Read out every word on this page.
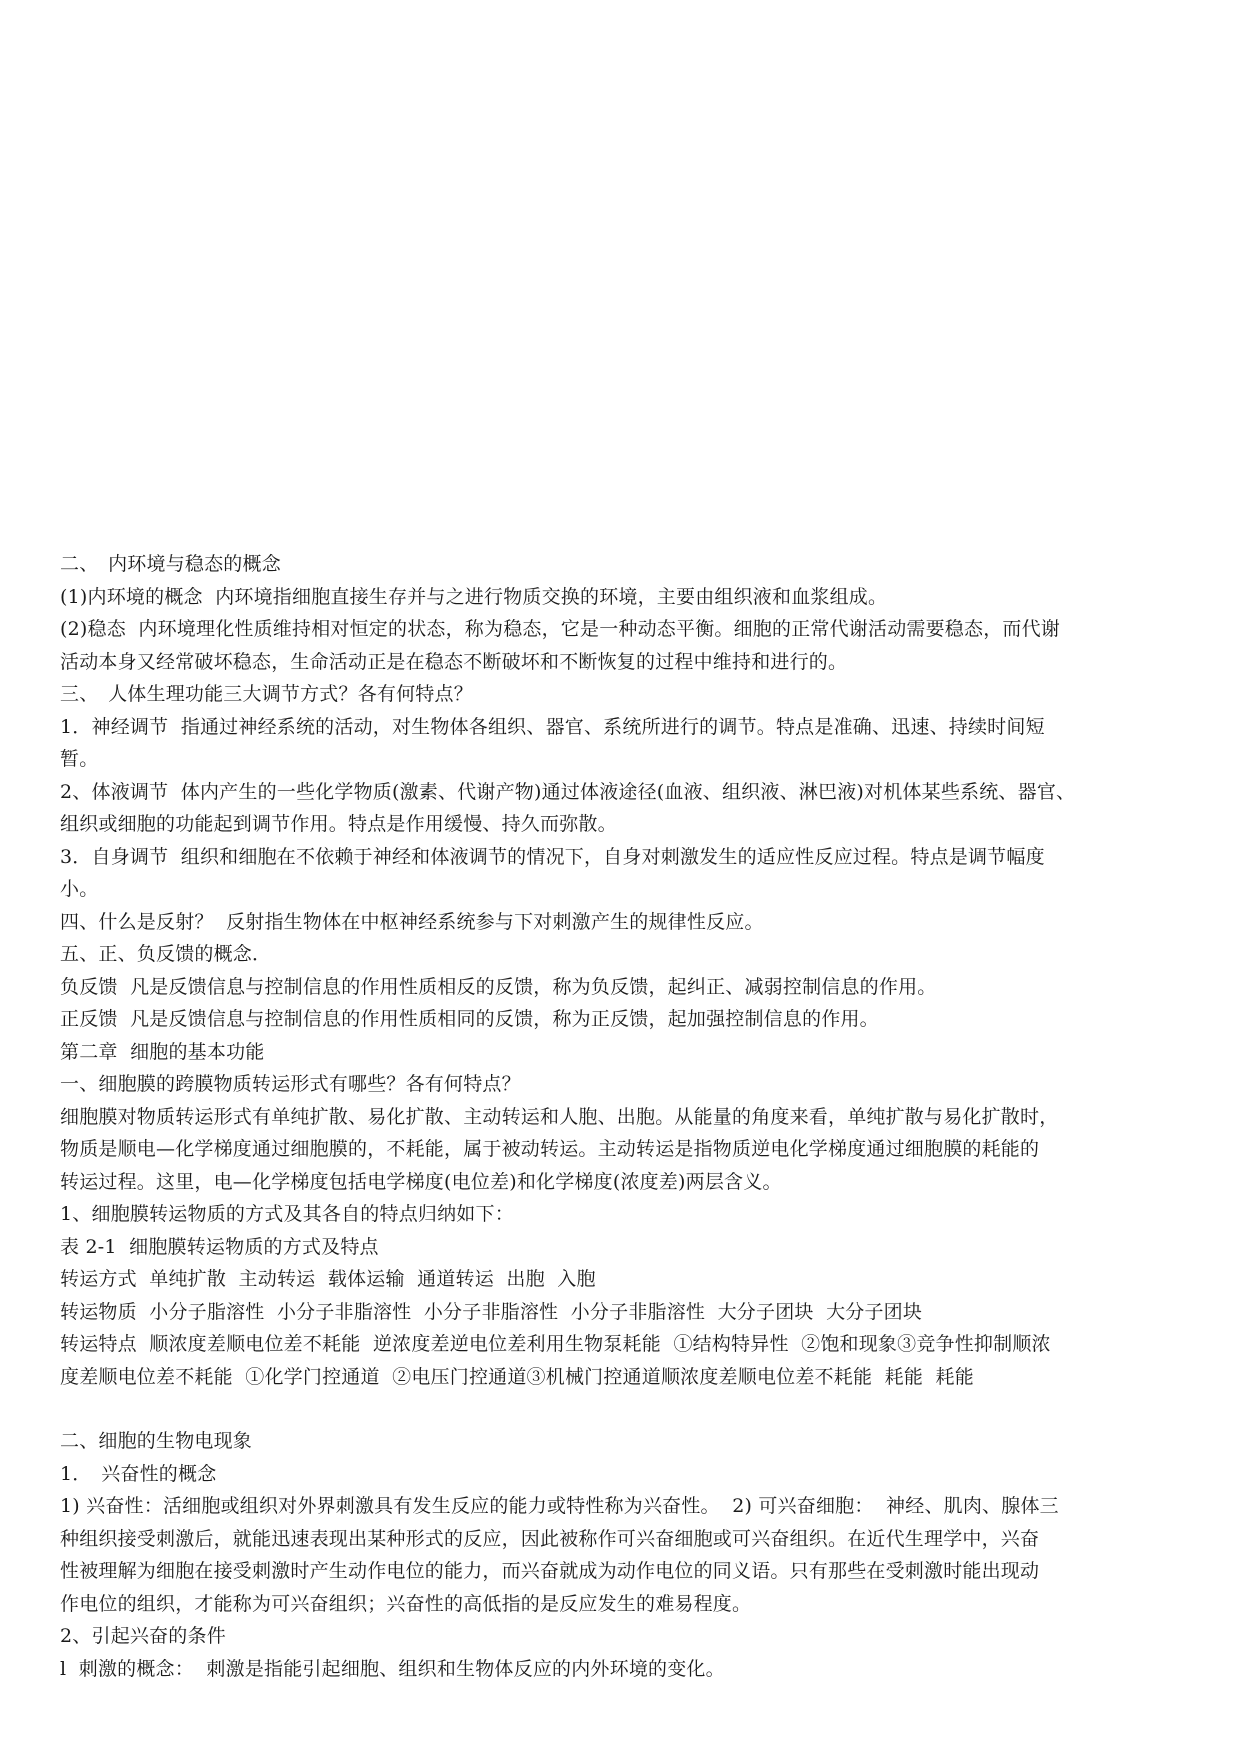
二、　内环境与稳态的概念

(1)内环境的概念  内环境指细胞直接生存并与之进行物质交换的环境，主要由组织液和血浆组成。

(2)稳态  内环境理化性质维持相对恒定的状态，称为稳态，它是一种动态平衡。细胞的正常代谢活动需要稳态，而代谢

活动本身又经常破坏稳态，生命活动正是在稳态不断破坏和不断恢复的过程中维持和进行的。

三、　人体生理功能三大调节方式？各有何特点？

1．神经调节  指通过神经系统的活动，对生物体各组织、器官、系统所进行的调节。特点是准确、迅速、持续时间短

暂。

2、体液调节  体内产生的一些化学物质(激素、代谢产物)通过体液途径(血液、组织液、淋巴液)对机体某些系统、器官、

组织或细胞的功能起到调节作用。特点是作用缓慢、持久而弥散。

3．自身调节  组织和细胞在不依赖于神经和体液调节的情况下，自身对刺激发生的适应性反应过程。特点是调节幅度

小。

四、什么是反射？  反射指生物体在中枢神经系统参与下对刺激产生的规律性反应。

五、正、负反馈的概念．

负反馈  凡是反馈信息与控制信息的作用性质相反的反馈，称为负反馈，起纠正、减弱控制信息的作用。

正反馈  凡是反馈信息与控制信息的作用性质相同的反馈，称为正反馈，起加强控制信息的作用。

第二章  细胞的基本功能

一、细胞膜的跨膜物质转运形式有哪些？各有何特点？

细胞膜对物质转运形式有单纯扩散、易化扩散、主动转运和人胞、出胞。从能量的角度来看，单纯扩散与易化扩散时，

物质是顺电—化学梯度通过细胞膜的，不耗能，属于被动转运。主动转运是指物质逆电化学梯度通过细胞膜的耗能的

转运过程。这里，电—化学梯度包括电学梯度(电位差)和化学梯度(浓度差)两层含义。

1、细胞膜转运物质的方式及其各自的特点归纳如下：

表 2-1  细胞膜转运物质的方式及特点

转运方式  单纯扩散  主动转运  载体运输  通道转运  出胞  入胞

转运物质  小分子脂溶性  小分子非脂溶性  小分子非脂溶性  小分子非脂溶性  大分子团块  大分子团块

转运特点  顺浓度差顺电位差不耗能  逆浓度差逆电位差利用生物泵耗能  ①结构特异性  ②饱和现象③竞争性抑制顺浓

度差顺电位差不耗能  ①化学门控通道  ②电压门控通道③机械门控通道顺浓度差顺电位差不耗能  耗能  耗能

二、细胞的生物电现象

1．　兴奋性的概念

1) 兴奋性：活细胞或组织对外界刺激具有发生反应的能力或特性称为兴奋性。  2) 可兴奋细胞：  神经、肌肉、腺体三

种组织接受刺激后，就能迅速表现出某种形式的反应，因此被称作可兴奋细胞或可兴奋组织。在近代生理学中，兴奋

性被理解为细胞在接受刺激时产生动作电位的能力，而兴奋就成为动作电位的同义语。只有那些在受刺激时能出现动

作电位的组织，才能称为可兴奋组织；兴奋性的高低指的是反应发生的难易程度。

2、引起兴奋的条件

l  刺激的概念：  刺激是指能引起细胞、组织和生物体反应的内外环境的变化。
